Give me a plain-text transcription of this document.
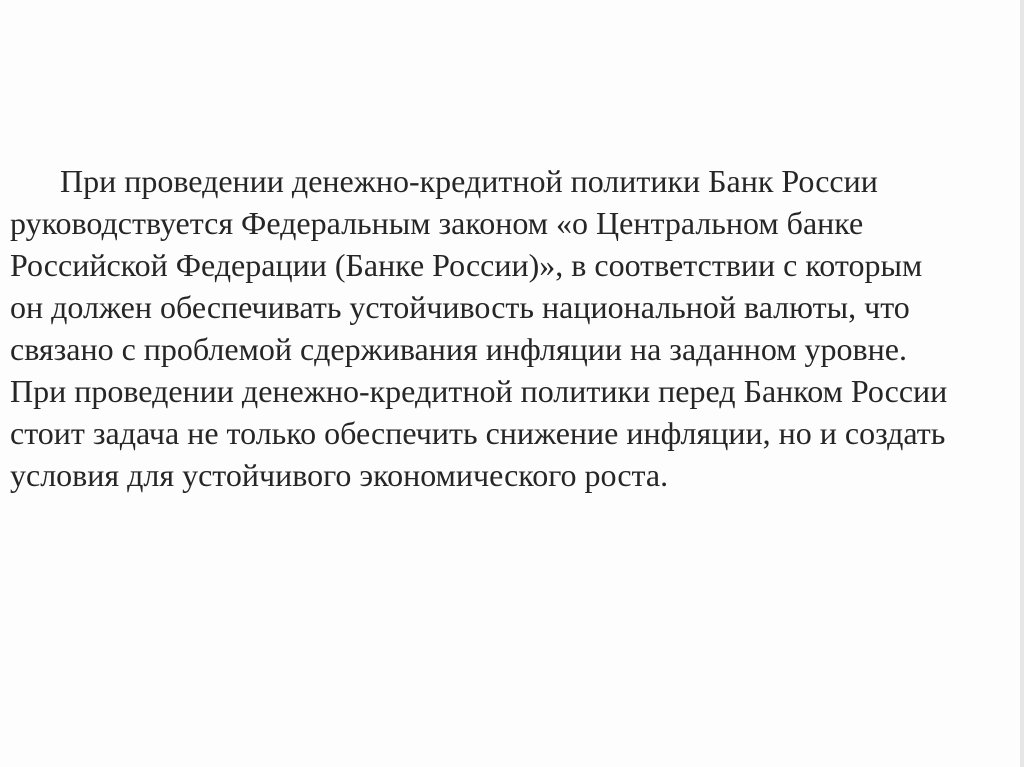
При проведении денежно-кредитной политики Банк России
руководствуется Федеральным законом «о Центральном банке
Российской Федерации (Банке России)», в соответствии с которым
он должен обеспечивать устойчивость национальной валюты, что
связано с проблемой сдерживания инфляции на заданном уровне.
При проведении денежно-кредитной политики перед Банком России
стоит задача не только обеспечить снижение инфляции, но и создать
условия для устойчивого экономического роста.
